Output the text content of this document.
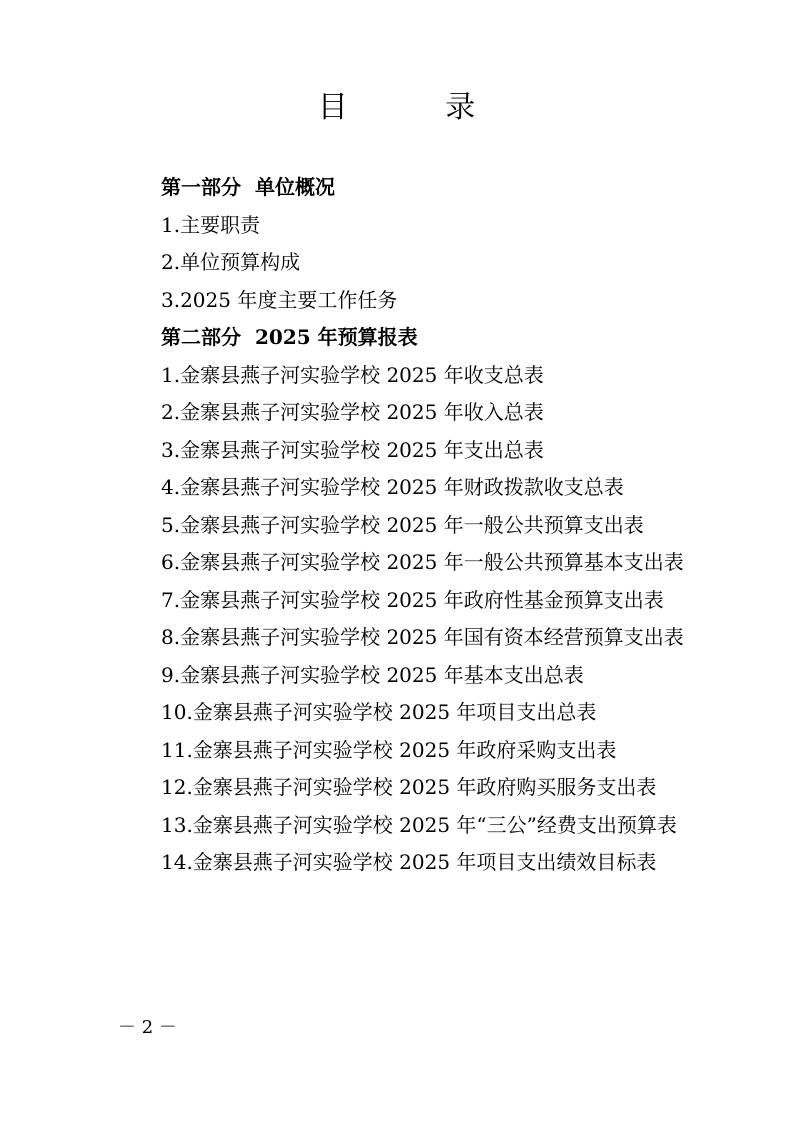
目 录
第一部分 单位概况
1.主要职责
2.单位预算构成
3.2025 年度主要工作任务
第二部分 2025 年预算报表
1.金寨县燕子河实验学校 2025 年收支总表
2.金寨县燕子河实验学校 2025 年收入总表
3.金寨县燕子河实验学校 2025 年支出总表
4.金寨县燕子河实验学校 2025 年财政拨款收支总表
5.金寨县燕子河实验学校 2025 年一般公共预算支出表
6.金寨县燕子河实验学校 2025 年一般公共预算基本支出表
7.金寨县燕子河实验学校 2025 年政府性基金预算支出表
8.金寨县燕子河实验学校 2025 年国有资本经营预算支出表
9.金寨县燕子河实验学校 2025 年基本支出总表
10.金寨县燕子河实验学校 2025 年项目支出总表
11.金寨县燕子河实验学校 2025 年政府采购支出表
12.金寨县燕子河实验学校 2025 年政府购买服务支出表
13.金寨县燕子河实验学校 2025 年“三公”经费支出预算表
14.金寨县燕子河实验学校 2025 年项目支出绩效目标表
－ 2 －
